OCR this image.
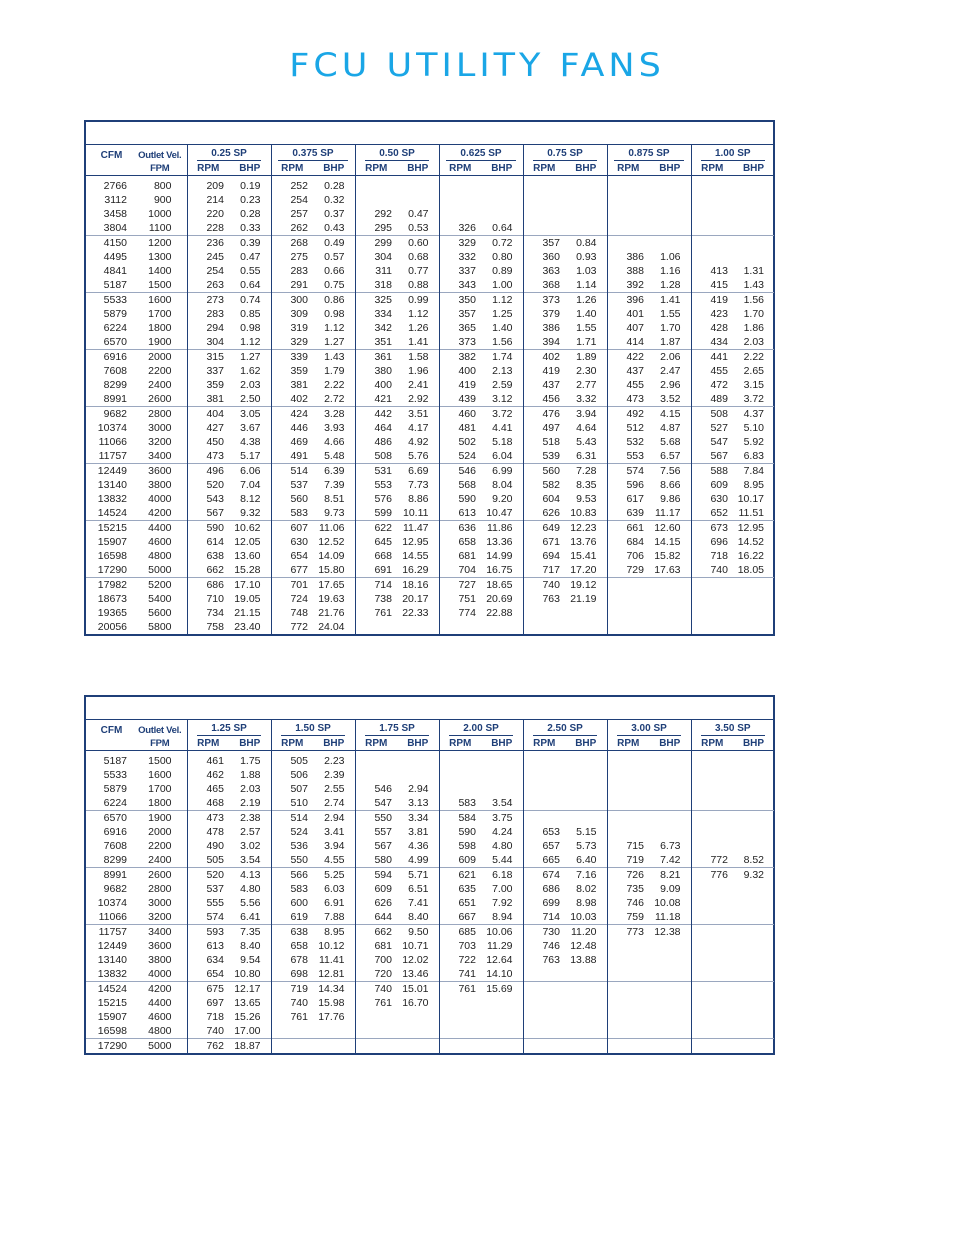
FCU UTILITY FANS
CFM	Outlet Vel.	0.25 SP		0.375 SP		0.50 SP		0.625 SP		0.75 SP		0.875 SP		1.00 SP	
	FPM	RPM	BHP	RPM	BHP	RPM	BHP	RPM	BHP	RPM	BHP	RPM	BHP	RPM	BHP
2766	800	209	0.19	252	0.28										
3112	900	214	0.23	254	0.32										
3458	1000	220	0.28	257	0.37	292	0.47								
3804	1100	228	0.33	262	0.43	295	0.53	326	0.64						
4150	1200	236	0.39	268	0.49	299	0.60	329	0.72	357	0.84				
4495	1300	245	0.47	275	0.57	304	0.68	332	0.80	360	0.93	386	1.06		
4841	1400	254	0.55	283	0.66	311	0.77	337	0.89	363	1.03	388	1.16	413	1.31
5187	1500	263	0.64	291	0.75	318	0.88	343	1.00	368	1.14	392	1.28	415	1.43
5533	1600	273	0.74	300	0.86	325	0.99	350	1.12	373	1.26	396	1.41	419	1.56
5879	1700	283	0.85	309	0.98	334	1.12	357	1.25	379	1.40	401	1.55	423	1.70
6224	1800	294	0.98	319	1.12	342	1.26	365	1.40	386	1.55	407	1.70	428	1.86
6570	1900	304	1.12	329	1.27	351	1.41	373	1.56	394	1.71	414	1.87	434	2.03
6916	2000	315	1.27	339	1.43	361	1.58	382	1.74	402	1.89	422	2.06	441	2.22
7608	2200	337	1.62	359	1.79	380	1.96	400	2.13	419	2.30	437	2.47	455	2.65
8299	2400	359	2.03	381	2.22	400	2.41	419	2.59	437	2.77	455	2.96	472	3.15
8991	2600	381	2.50	402	2.72	421	2.92	439	3.12	456	3.32	473	3.52	489	3.72
9682	2800	404	3.05	424	3.28	442	3.51	460	3.72	476	3.94	492	4.15	508	4.37
10374	3000	427	3.67	446	3.93	464	4.17	481	4.41	497	4.64	512	4.87	527	5.10
11066	3200	450	4.38	469	4.66	486	4.92	502	5.18	518	5.43	532	5.68	547	5.92
11757	3400	473	5.17	491	5.48	508	5.76	524	6.04	539	6.31	553	6.57	567	6.83
12449	3600	496	6.06	514	6.39	531	6.69	546	6.99	560	7.28	574	7.56	588	7.84
13140	3800	520	7.04	537	7.39	553	7.73	568	8.04	582	8.35	596	8.66	609	8.95
13832	4000	543	8.12	560	8.51	576	8.86	590	9.20	604	9.53	617	9.86	630	10.17
14524	4200	567	9.32	583	9.73	599	10.11	613	10.47	626	10.83	639	11.17	652	11.51
15215	4400	590	10.62	607	11.06	622	11.47	636	11.86	649	12.23	661	12.60	673	12.95
15907	4600	614	12.05	630	12.52	645	12.95	658	13.36	671	13.76	684	14.15	696	14.52
16598	4800	638	13.60	654	14.09	668	14.55	681	14.99	694	15.41	706	15.82	718	16.22
17290	5000	662	15.28	677	15.80	691	16.29	704	16.75	717	17.20	729	17.63	740	18.05
17982	5200	686	17.10	701	17.65	714	18.16	727	18.65	740	19.12				
18673	5400	710	19.05	724	19.63	738	20.17	751	20.69	763	21.19				
19365	5600	734	21.15	748	21.76	761	22.33	774	22.88						
20056	5800	758	23.40	772	24.04										
CFM	Outlet Vel.	1.25 SP		1.50 SP		1.75 SP		2.00 SP		2.50 SP		3.00 SP		3.50 SP	
	FPM	RPM	BHP	RPM	BHP	RPM	BHP	RPM	BHP	RPM	BHP	RPM	BHP	RPM	BHP
5187	1500	461	1.75	505	2.23										
5533	1600	462	1.88	506	2.39										
5879	1700	465	2.03	507	2.55	546	2.94								
6224	1800	468	2.19	510	2.74	547	3.13	583	3.54						
6570	1900	473	2.38	514	2.94	550	3.34	584	3.75						
6916	2000	478	2.57	524	3.41	557	3.81	590	4.24	653	5.15				
7608	2200	490	3.02	536	3.94	567	4.36	598	4.80	657	5.73	715	6.73		
8299	2400	505	3.54	550	4.55	580	4.99	609	5.44	665	6.40	719	7.42	772	8.52
8991	2600	520	4.13	566	5.25	594	5.71	621	6.18	674	7.16	726	8.21	776	9.32
9682	2800	537	4.80	583	6.03	609	6.51	635	7.00	686	8.02	735	9.09		
10374	3000	555	5.56	600	6.91	626	7.41	651	7.92	699	8.98	746	10.08		
11066	3200	574	6.41	619	7.88	644	8.40	667	8.94	714	10.03	759	11.18		
11757	3400	593	7.35	638	8.95	662	9.50	685	10.06	730	11.20	773	12.38		
12449	3600	613	8.40	658	10.12	681	10.71	703	11.29	746	12.48				
13140	3800	634	9.54	678	11.41	700	12.02	722	12.64	763	13.88				
13832	4000	654	10.80	698	12.81	720	13.46	741	14.10						
14524	4200	675	12.17	719	14.34	740	15.01	761	15.69						
15215	4400	697	13.65	740	15.98	761	16.70								
15907	4600	718	15.26	761	17.76										
16598	4800	740	17.00												
17290	5000	762	18.87												
